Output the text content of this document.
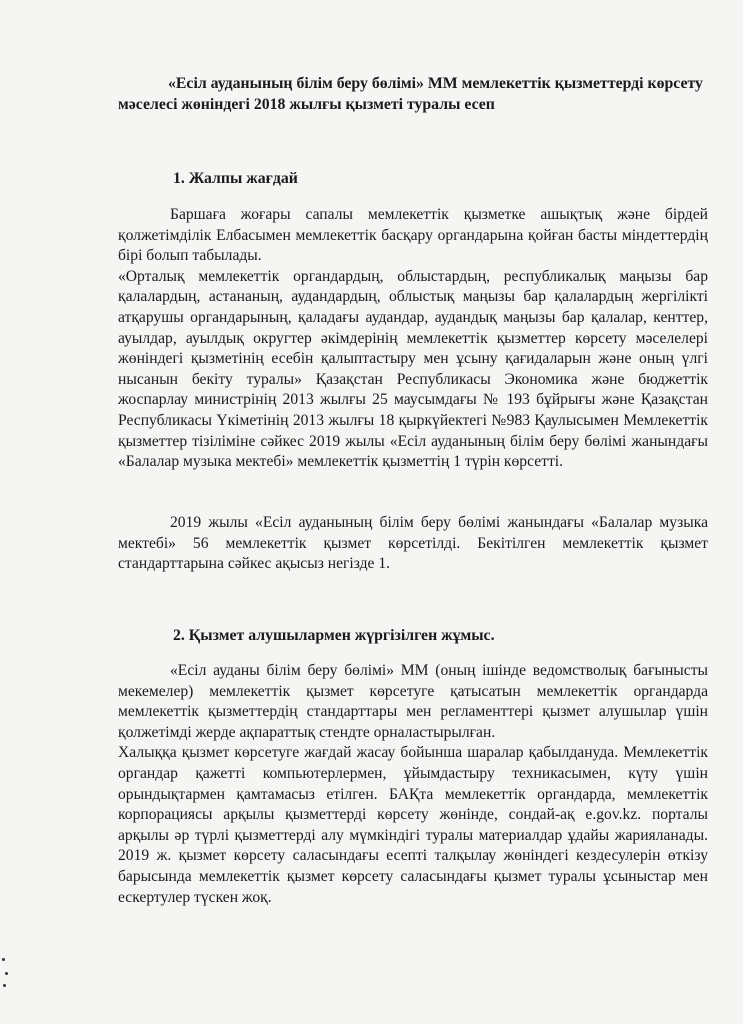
«Есіл ауданының білім беру бөлімі» ММ мемлекеттік қызметтерді көрсету мәселесі жөніндегі 2018 жылғы қызметі туралы есеп

1. Жалпы жағдай

Баршаға жоғары сапалы мемлекеттік қызметке ашықтық және бірдей қолжетімділік Елбасымен мемлекеттік басқару органдарына қойған басты міндеттердің бірі болып табылады.

«Орталық мемлекеттік органдардың, облыстардың, республикалық маңызы бар қалалардың, астананың, аудандардың, облыстық маңызы бар қалалардың жергілікті атқарушы органдарының, қаладағы аудандар, аудандық маңызы бар қалалар, кенттер, ауылдар, ауылдық округтер әкімдерінің мемлекеттік қызметтер көрсету мәселелері жөніндегі қызметінің есебін қалыптастыру мен ұсыну қағидаларын және оның үлгі нысанын бекіту туралы» Қазақстан Республикасы Экономика және бюджеттік жоспарлау министрінің 2013 жылғы 25 маусымдағы № 193 бұйрығы және Қазақстан Республикасы Үкіметінің 2013 жылғы 18 қыркүйектегі №983 Қаулысымен Мемлекеттік қызметтер тізіліміне сәйкес 2019 жылы «Есіл ауданының білім беру бөлімі жанындағы «Балалар музыка мектебі» мемлекеттік қызметтің 1 түрін көрсетті.

2019 жылы «Есіл ауданының білім беру бөлімі жанындағы «Балалар музыка мектебі» 56 мемлекеттік қызмет көрсетілді. Бекітілген мемлекеттік қызмет стандарттарына сәйкес ақысыз негізде 1.

2. Қызмет алушылармен жүргізілген жұмыс.

«Есіл ауданы білім беру бөлімі» ММ (оның ішінде ведомстволық бағынысты мекемелер) мемлекеттік қызмет көрсетуге қатысатын мемлекеттік органдарда мемлекеттік қызметтердің стандарттары мен регламенттері қызмет алушылар үшін қолжетімді жерде ақпараттық стендте орналастырылған.

Халыққа қызмет көрсетуге жағдай жасау бойынша шаралар қабылдануда. Мемлекеттік органдар қажетті компьютерлермен, ұйымдастыру техникасымен, күту үшін орындықтармен қамтамасыз етілген. БАҚта мемлекеттік органдарда, мемлекеттік корпорациясы арқылы қызметтерді көрсету жөнінде, сондай-ақ e.gov.kz. порталы арқылы әр түрлі қызметтерді алу мүмкіндігі туралы материалдар ұдайы жарияланады. 2019 ж. қызмет көрсету саласындағы есепті талқылау жөніндегі кездесулерін өткізу барысында мемлекеттік қызмет көрсету саласындағы қызмет туралы ұсыныстар мен ескертулер түскен жоқ.
